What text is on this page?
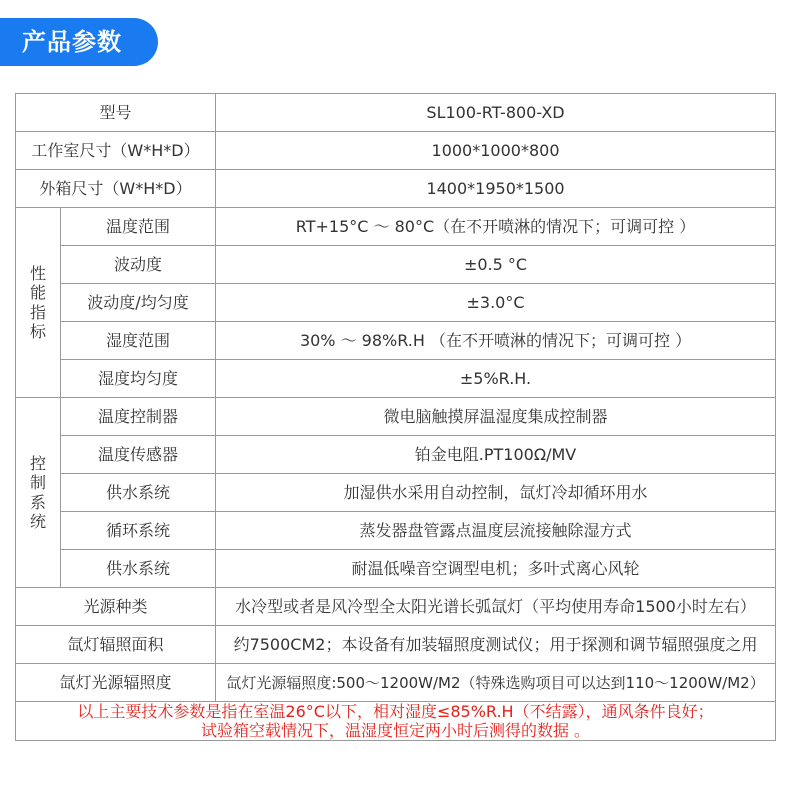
产品参数
型号		SL100-RT-800-XD
工作室尺寸（W*H*D）		1000*1000*800
外箱尺寸（W*H*D）		1400*1950*1500
性
能
指
标	温度范围	RT+15°C ～ 80°C（在不开喷淋的情况下；可调可控 ）
	波动度	±0.5 °C
	波动度/均匀度	±3.0°C
	湿度范围	30% ～ 98%R.H （在不开喷淋的情况下；可调可控 ）
	湿度均匀度	±5%R.H.
控
制
系
统	温度控制器	微电脑触摸屏温湿度集成控制器
	温度传感器	铂金电阻.PT100Ω/MV
	供水系统	加湿供水采用自动控制，氙灯冷却循环用水
	循环系统	蒸发器盘管露点温度层流接触除湿方式
	供水系统	耐温低噪音空调型电机；多叶式离心风轮
光源种类		水冷型或者是风冷型全太阳光谱长弧氙灯（平均使用寿命1500小时左右）
氙灯辐照面积		约7500CM2；本设备有加装辐照度测试仪；用于探测和调节辐照强度之用
氙灯光源辐照度		氙灯光源辐照度:500～1200W/M2（特殊选购项目可以达到110～1200W/M2）

以上主要技术参数是指在室温26°C以下，相对湿度≤85%R.H（不结露），通风条件良好；
试验箱空载情况下，温湿度恒定两小时后测得的数据 。		
